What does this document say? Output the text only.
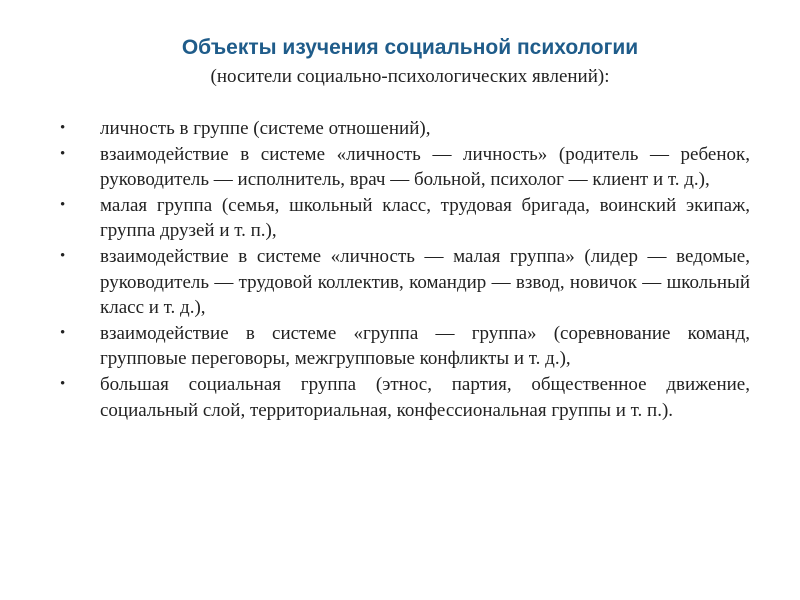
Объекты изучения социальной психологии
(носители социально-психологических явлений):
•	личность в группе (системе отношений),
•	взаимодействие в системе «личность — личность» (родитель — ребенок, руководитель — исполнитель, врач — больной, психолог — клиент и т. д.),
•	малая группа (семья, школьный класс, трудовая бригада, воинский экипаж, группа друзей и т. п.),
•	взаимодействие в системе «личность — малая группа» (лидер — ведомые, руководитель — трудовой коллектив, командир — взвод, новичок — школьный класс и т. д.),
•	взаимодействие в системе «группа — группа» (соревнование команд, групповые переговоры, межгрупповые конфликты и т. д.),
•	большая социальная группа (этнос, партия, общественное движение, социальный слой, территориальная, конфессиональная группы и т. п.).
